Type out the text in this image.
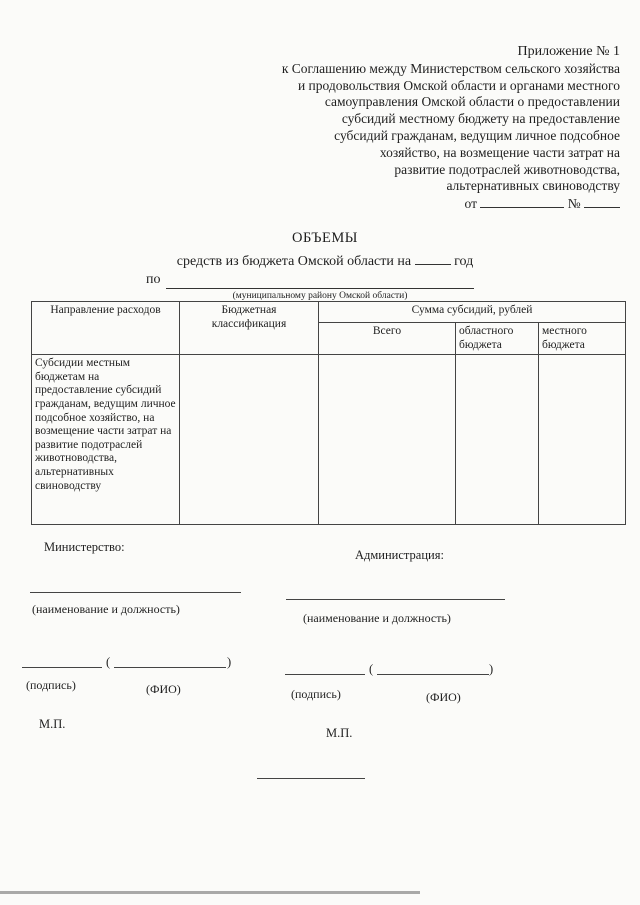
Приложение № 1
к Соглашению между Министерством сельского хозяйства
и продовольствия Омской области и органами местного
самоуправления Омской области о предоставлении
субсидий местному бюджету на предоставление
субсидий гражданам, ведущим личное подсобное
хозяйство, на возмещение части затрат на
развитие подотраслей животноводства,
альтернативных свиноводству
от	№
ОБЪЕМЫ
средств из бюджета Омской области на	год
по
(муниципальному району Омской области)
Направление расходов	Бюджетная классификация	Сумма субсидий, рублей		
		Всего	областного бюджета	местного бюджета
Субсидии местным бюджетам на предоставление субсидий гражданам, ведущим личное подсобное хозяйство, на возмещение части затрат на развитие подотраслей животноводства, альтернативных свиноводству				
Министерство:
(наименование и должность)
(	)
(подпись)	(ФИО)
М.П.
Администрация:
(наименование и должность)
(	)
(подпись)	(ФИО)
М.П.
